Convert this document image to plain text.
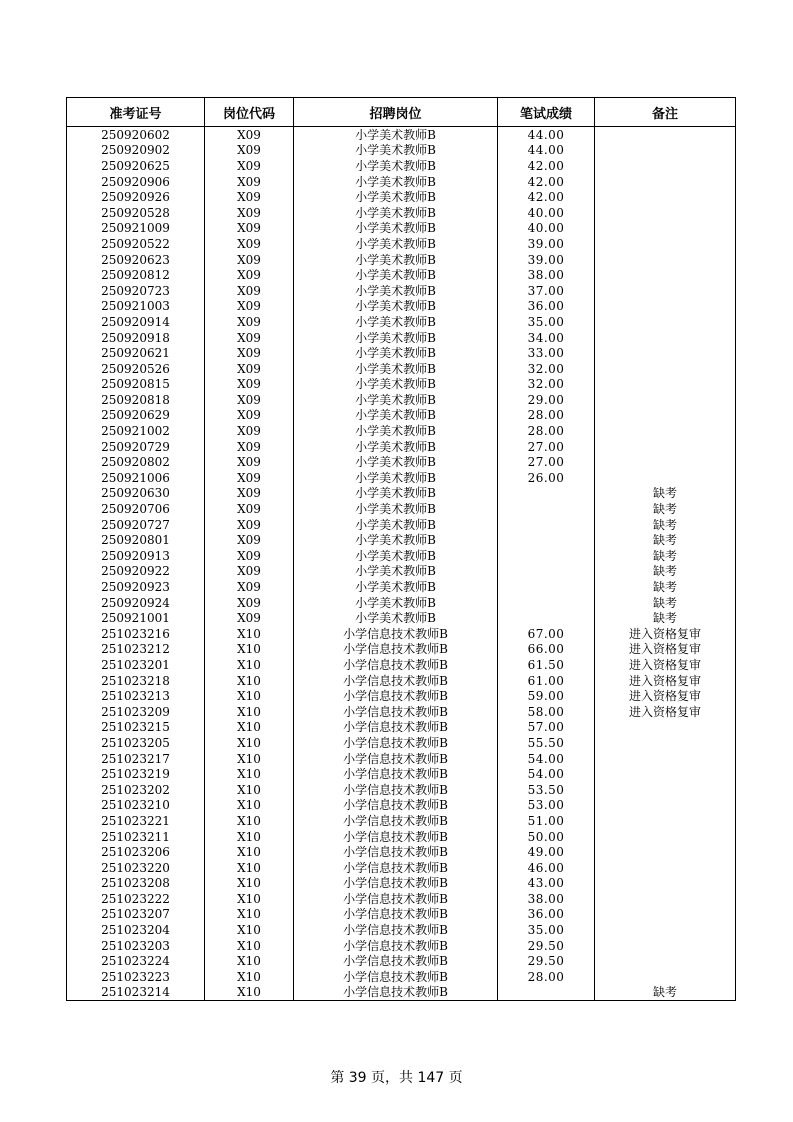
准考证号	岗位代码	招聘岗位	笔试成绩	备注
250920602	X09	小学美术教师B	44.00	
250920902	X09	小学美术教师B	44.00	
250920625	X09	小学美术教师B	42.00	
250920906	X09	小学美术教师B	42.00	
250920926	X09	小学美术教师B	42.00	
250920528	X09	小学美术教师B	40.00	
250921009	X09	小学美术教师B	40.00	
250920522	X09	小学美术教师B	39.00	
250920623	X09	小学美术教师B	39.00	
250920812	X09	小学美术教师B	38.00	
250920723	X09	小学美术教师B	37.00	
250921003	X09	小学美术教师B	36.00	
250920914	X09	小学美术教师B	35.00	
250920918	X09	小学美术教师B	34.00	
250920621	X09	小学美术教师B	33.00	
250920526	X09	小学美术教师B	32.00	
250920815	X09	小学美术教师B	32.00	
250920818	X09	小学美术教师B	29.00	
250920629	X09	小学美术教师B	28.00	
250921002	X09	小学美术教师B	28.00	
250920729	X09	小学美术教师B	27.00	
250920802	X09	小学美术教师B	27.00	
250921006	X09	小学美术教师B	26.00	
250920630	X09	小学美术教师B		缺考
250920706	X09	小学美术教师B		缺考
250920727	X09	小学美术教师B		缺考
250920801	X09	小学美术教师B		缺考
250920913	X09	小学美术教师B		缺考
250920922	X09	小学美术教师B		缺考
250920923	X09	小学美术教师B		缺考
250920924	X09	小学美术教师B		缺考
250921001	X09	小学美术教师B		缺考
251023216	X10	小学信息技术教师B	67.00	进入资格复审
251023212	X10	小学信息技术教师B	66.00	进入资格复审
251023201	X10	小学信息技术教师B	61.50	进入资格复审
251023218	X10	小学信息技术教师B	61.00	进入资格复审
251023213	X10	小学信息技术教师B	59.00	进入资格复审
251023209	X10	小学信息技术教师B	58.00	进入资格复审
251023215	X10	小学信息技术教师B	57.00	
251023205	X10	小学信息技术教师B	55.50	
251023217	X10	小学信息技术教师B	54.00	
251023219	X10	小学信息技术教师B	54.00	
251023202	X10	小学信息技术教师B	53.50	
251023210	X10	小学信息技术教师B	53.00	
251023221	X10	小学信息技术教师B	51.00	
251023211	X10	小学信息技术教师B	50.00	
251023206	X10	小学信息技术教师B	49.00	
251023220	X10	小学信息技术教师B	46.00	
251023208	X10	小学信息技术教师B	43.00	
251023222	X10	小学信息技术教师B	38.00	
251023207	X10	小学信息技术教师B	36.00	
251023204	X10	小学信息技术教师B	35.00	
251023203	X10	小学信息技术教师B	29.50	
251023224	X10	小学信息技术教师B	29.50	
251023223	X10	小学信息技术教师B	28.00	
251023214	X10	小学信息技术教师B		缺考
第 39 页，共 147 页
